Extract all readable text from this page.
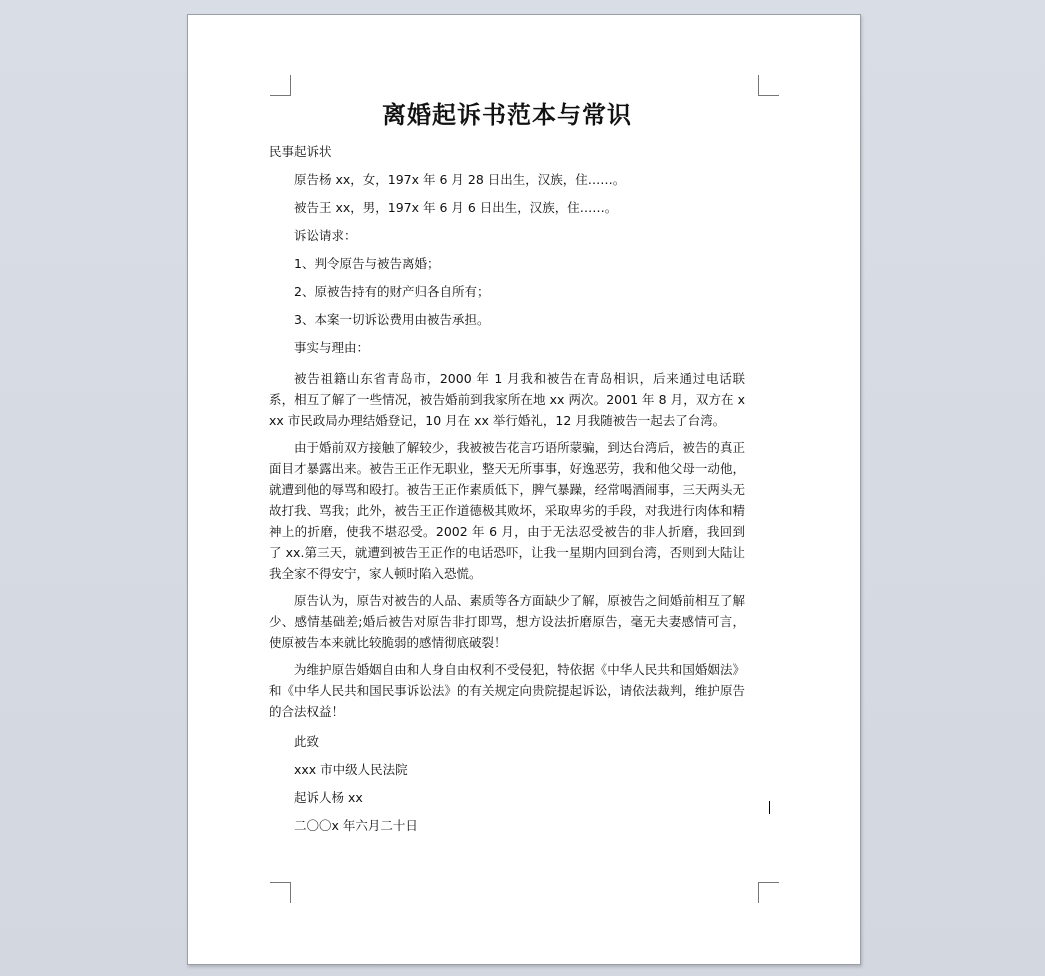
离婚起诉书范本与常识
民事起诉状
原告杨 xx，女，197x 年 6 月 28 日出生，汉族，住……。
被告王 xx，男，197x 年 6 月 6 日出生，汉族，住……。
诉讼请求：
1、判令原告与被告离婚；
2、原被告持有的财产归各自所有；
3、本案一切诉讼费用由被告承担。
事实与理由：

被告祖籍山东省青岛市，2000 年 1 月我和被告在青岛相识，后来通过电话联系，相互了解了一些情况，被告婚前到我家所在地 xx 两次。2001 年 8 月，双方在 xxx 市民政局办理结婚登记，10 月在 xx 举行婚礼，12 月我随被告一起去了台湾。

由于婚前双方接触了解较少，我被被告花言巧语所蒙骗，到达台湾后，被告的真正面目才暴露出来。被告王正作无职业，整天无所事事，好逸恶劳，我和他父母一动他，就遭到他的辱骂和殴打。被告王正作素质低下，脾气暴躁，经常喝酒闹事，三天两头无故打我、骂我；此外，被告王正作道德极其败坏，采取卑劣的手段，对我进行肉体和精神上的折磨，使我不堪忍受。2002 年 6 月，由于无法忍受被告的非人折磨，我回到了 xx.第三天，就遭到被告王正作的电话恐吓，让我一星期内回到台湾，否则到大陆让我全家不得安宁，家人顿时陷入恐慌。

原告认为，原告对被告的人品、素质等各方面缺少了解，原被告之间婚前相互了解少、感情基础差;婚后被告对原告非打即骂，想方设法折磨原告，毫无夫妻感情可言，使原被告本来就比较脆弱的感情彻底破裂！

为维护原告婚姻自由和人身自由权利不受侵犯，特依据《中华人民共和国婚姻法》和《中华人民共和国民事诉讼法》的有关规定向贵院提起诉讼，请依法裁判，维护原告的合法权益！

此致
xxx 市中级人民法院
起诉人杨 xx
二〇〇x 年六月二十日
